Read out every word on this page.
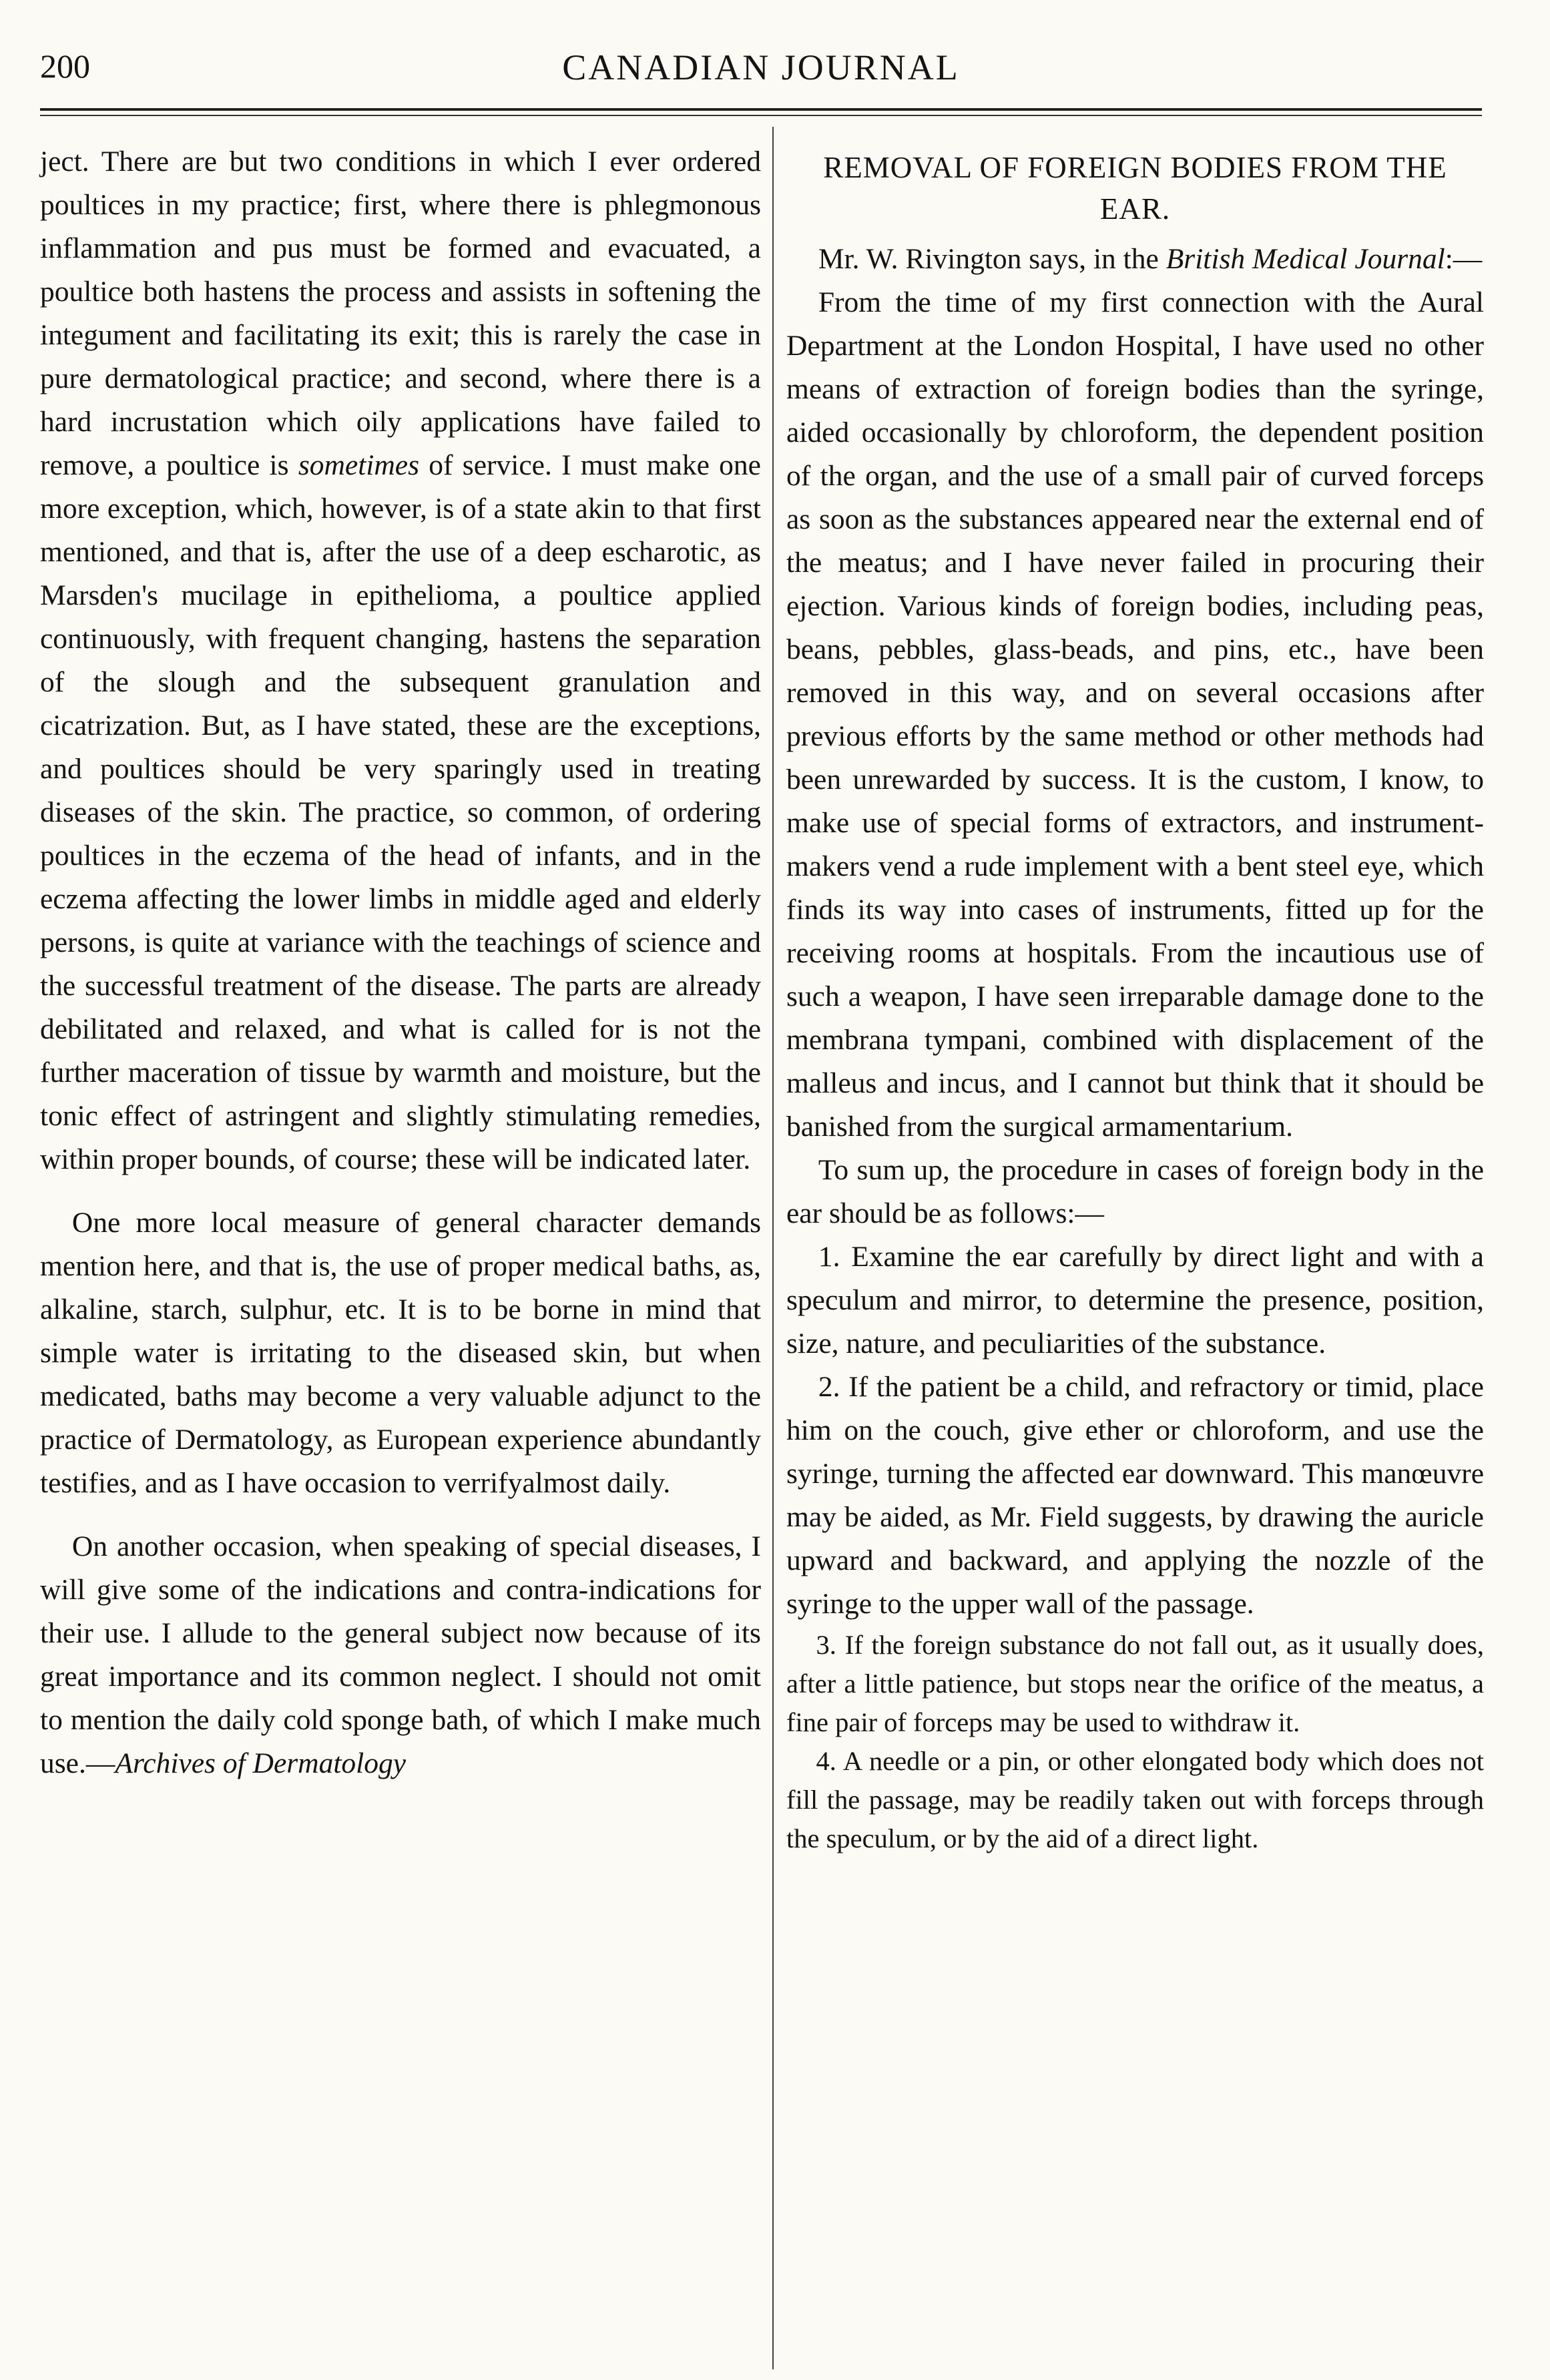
200	CANADIAN JOURNAL

ject. There are but two conditions in which I ever ordered poultices in my practice; first, where there is phlegmonous inflammation and pus must be formed and evacuated, a poultice both hastens the process and assists in softening the integument and facilitating its exit; this is rarely the case in pure dermatological practice; and second, where there is a hard incrustation which oily applications have failed to remove, a poultice is sometimes of service. I must make one more exception, which, however, is of a state akin to that first mentioned, and that is, after the use of a deep escharotic, as Marsden's mucilage in epithelioma, a poultice applied continuously, with frequent changing, hastens the separation of the slough and the subsequent granulation and cicatrization. But, as I have stated, these are the exceptions, and poultices should be very sparingly used in treating diseases of the skin. The practice, so common, of ordering poultices in the eczema of the head of infants, and in the eczema affecting the lower limbs in middle aged and elderly persons, is quite at variance with the teachings of science and the successful treatment of the disease. The parts are already debilitated and relaxed, and what is called for is not the further maceration of tissue by warmth and moisture, but the tonic effect of astringent and slightly stimulating remedies, within proper bounds, of course; these will be indicated later.

One more local measure of general character demands mention here, and that is, the use of proper medical baths, as, alkaline, starch, sulphur, etc. It is to be borne in mind that simple water is irritating to the diseased skin, but when medicated, baths may become a very valuable adjunct to the practice of Dermatology, as European experience abundantly testifies, and as I have occasion to verrifyalmost daily.

On another occasion, when speaking of special diseases, I will give some of the indications and contra-indications for their use. I allude to the general subject now because of its great importance and its common neglect. I should not omit to mention the daily cold sponge bath, of which I make much use.—Archives of Dermatology

REMOVAL OF FOREIGN BODIES FROM THE EAR.

Mr. W. Rivington says, in the British Medical Journal:—

From the time of my first connection with the Aural Department at the London Hospital, I have used no other means of extraction of foreign bodies than the syringe, aided occasionally by chloroform, the dependent position of the organ, and the use of a small pair of curved forceps as soon as the substances appeared near the external end of the meatus; and I have never failed in procuring their ejection. Various kinds of foreign bodies, including peas, beans, pebbles, glass-beads, and pins, etc., have been removed in this way, and on several occasions after previous efforts by the same method or other methods had been unrewarded by success. It is the custom, I know, to make use of special forms of extractors, and instrument-makers vend a rude implement with a bent steel eye, which finds its way into cases of instruments, fitted up for the receiving rooms at hospitals. From the incautious use of such a weapon, I have seen irreparable damage done to the membrana tympani, combined with displacement of the malleus and incus, and I cannot but think that it should be banished from the surgical armamentarium.

To sum up, the procedure in cases of foreign body in the ear should be as follows:—

1. Examine the ear carefully by direct light and with a speculum and mirror, to determine the presence, position, size, nature, and peculiarities of the substance.

2. If the patient be a child, and refractory or timid, place him on the couch, give ether or chloroform, and use the syringe, turning the affected ear downward. This manœuvre may be aided, as Mr. Field suggests, by drawing the auricle upward and backward, and applying the nozzle of the syringe to the upper wall of the passage.

3. If the foreign substance do not fall out, as it usually does, after a little patience, but stops near the orifice of the meatus, a fine pair of forceps may be used to withdraw it.

4. A needle or a pin, or other elongated body which does not fill the passage, may be readily taken out with forceps through the speculum, or by the aid of a direct light.
